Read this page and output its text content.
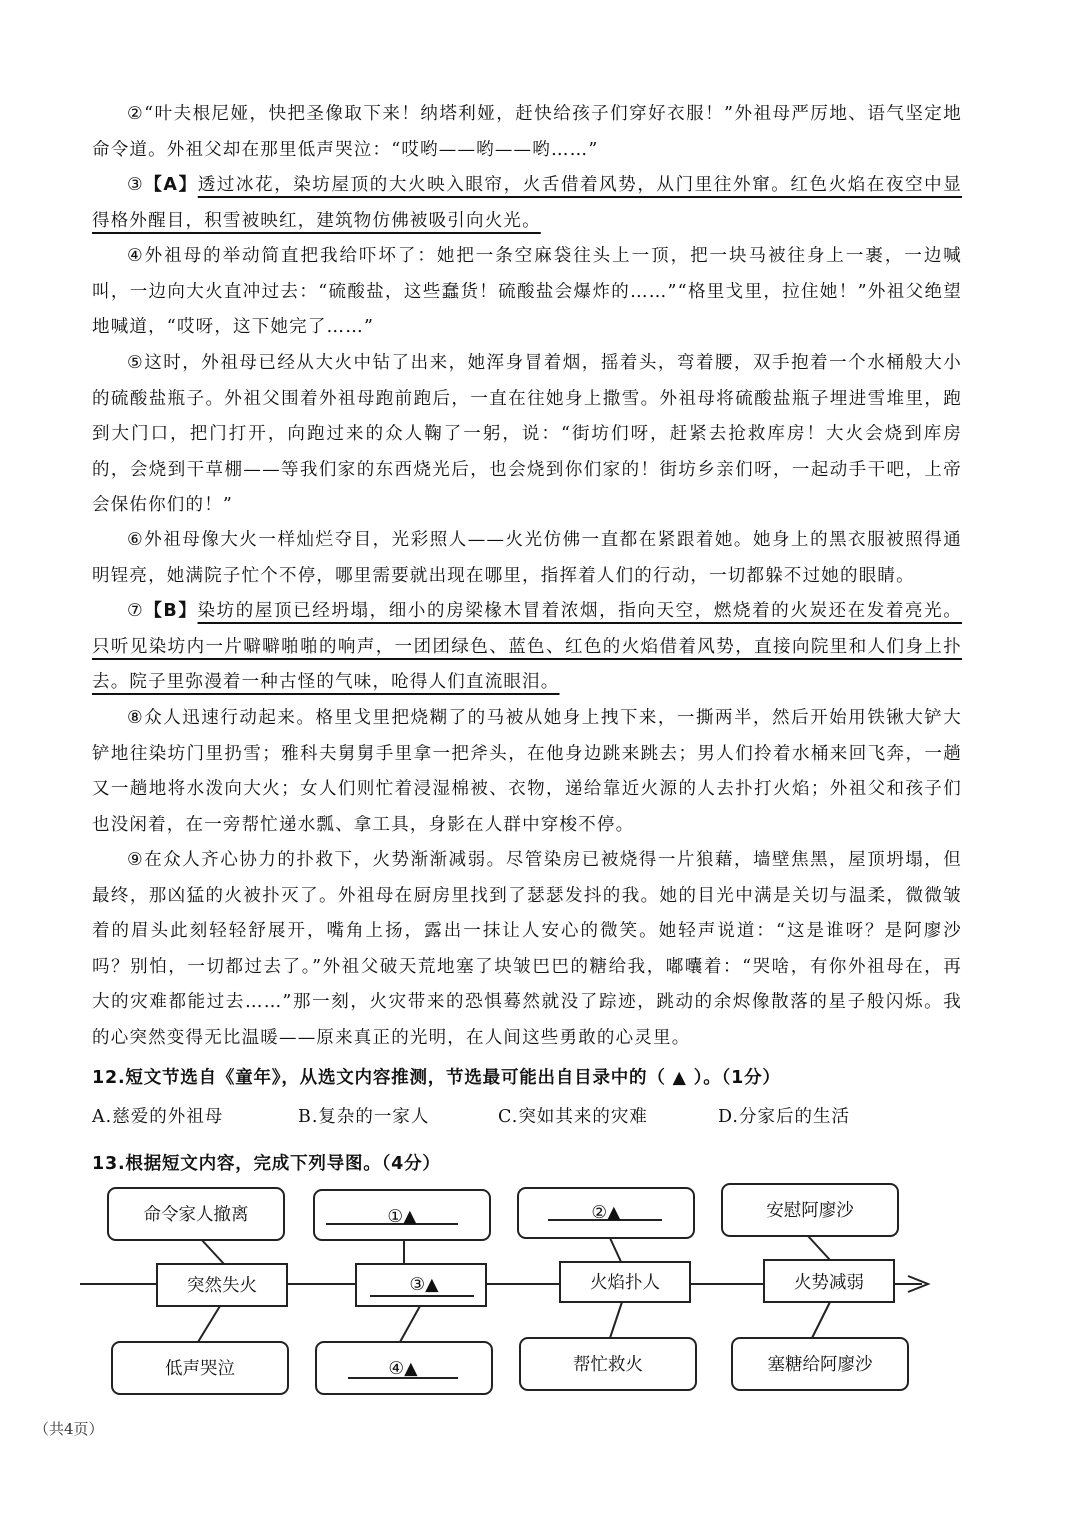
②“叶夫根尼娅，快把圣像取下来！纳塔利娅，赶快给孩子们穿好衣服！”外祖母严厉地、语气坚定地命令道。外祖父却在那里低声哭泣：“哎哟——哟——哟……”

③【A】透过冰花，染坊屋顶的大火映入眼帘，火舌借着风势，从门里往外窜。红色火焰在夜空中显得格外醒目，积雪被映红，建筑物仿佛被吸引向火光。

④外祖母的举动简直把我给吓坏了：她把一条空麻袋往头上一顶，把一块马被往身上一裹，一边喊叫，一边向大火直冲过去：“硫酸盐，这些蠢货！硫酸盐会爆炸的……”“格里戈里，拉住她！”外祖父绝望地喊道，“哎呀，这下她完了……”

⑤这时，外祖母已经从大火中钻了出来，她浑身冒着烟，摇着头，弯着腰，双手抱着一个水桶般大小的硫酸盐瓶子。外祖父围着外祖母跑前跑后，一直在往她身上撒雪。外祖母将硫酸盐瓶子埋进雪堆里，跑到大门口，把门打开，向跑过来的众人鞠了一躬，说：“街坊们呀，赶紧去抢救库房！大火会烧到库房的，会烧到干草棚——等我们家的东西烧光后，也会烧到你们家的！街坊乡亲们呀，一起动手干吧，上帝会保佑你们的！”

⑥外祖母像大火一样灿烂夺目，光彩照人——火光仿佛一直都在紧跟着她。她身上的黑衣服被照得通明锃亮，她满院子忙个不停，哪里需要就出现在哪里，指挥着人们的行动，一切都躲不过她的眼睛。

⑦【B】染坊的屋顶已经坍塌，细小的房梁椽木冒着浓烟，指向天空，燃烧着的火炭还在发着亮光。只听见染坊内一片噼噼啪啪的响声，一团团绿色、蓝色、红色的火焰借着风势，直接向院里和人们身上扑去。院子里弥漫着一种古怪的气味，呛得人们直流眼泪。

⑧众人迅速行动起来。格里戈里把烧糊了的马被从她身上拽下来，一撕两半，然后开始用铁锹大铲大铲地往染坊门里扔雪；雅科夫舅舅手里拿一把斧头，在他身边跳来跳去；男人们拎着水桶来回飞奔，一趟又一趟地将水泼向大火；女人们则忙着浸湿棉被、衣物，递给靠近火源的人去扑打火焰；外祖父和孩子们也没闲着，在一旁帮忙递水瓢、拿工具，身影在人群中穿梭不停。

⑨在众人齐心协力的扑救下，火势渐渐减弱。尽管染房已被烧得一片狼藉，墙壁焦黑，屋顶坍塌，但最终，那凶猛的火被扑灭了。外祖母在厨房里找到了瑟瑟发抖的我。她的目光中满是关切与温柔，微微皱着的眉头此刻轻轻舒展开，嘴角上扬，露出一抹让人安心的微笑。她轻声说道：“这是谁呀？是阿廖沙吗？别怕，一切都过去了。”外祖父破天荒地塞了块皱巴巴的糖给我，嘟囔着：“哭啥，有你外祖母在，再大的灾难都能过去……”那一刻，火灾带来的恐惧蓦然就没了踪迹，跳动的余烬像散落的星子般闪烁。我的心突然变得无比温暖——原来真正的光明，在人间这些勇敢的心灵里。

12.短文节选自《童年》，从选文内容推测，节选最可能出自目录中的（ ▲ ）。（1分）
A.慈爱的外祖母	B.复杂的一家人	C.突如其来的灾难	D.分家后的生活
13.根据短文内容，完成下列导图。（4分）
命令家人撤离	①▲	②▲	安慰阿廖沙
突然失火	③▲	火焰扑人	火势减弱
低声哭泣	④▲	帮忙救火	塞糖给阿廖沙
（共4页）
